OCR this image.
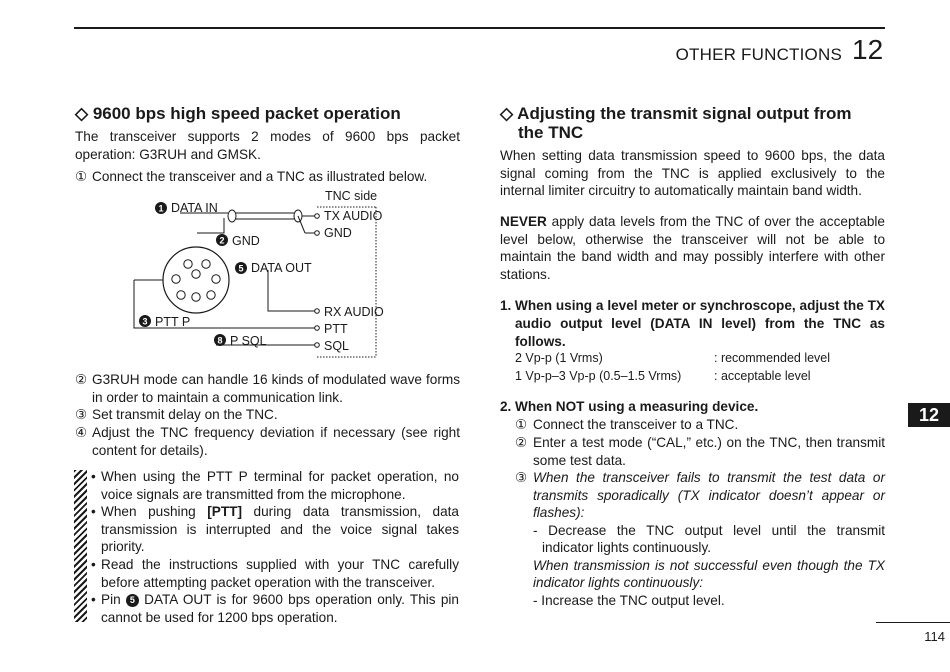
OTHER FUNCTIONS 12
12
114
◇ 9600 bps high speed packet operation
The transceiver supports 2 modes of 9600 bps packet operation: G3RUH and GMSK.
① Connect the transceiver and a TNC as illustrated below.
TNC side
1 DATA IN
2 GND
5 DATA OUT
3 PTT P
8 P SQL
TX AUDIO
GND
RX AUDIO
PTT
SQL
② G3RUH mode can handle 16 kinds of modulated wave forms in order to maintain a communication link.
③ Set transmit delay on the TNC.
④ Adjust the TNC frequency deviation if necessary (see right content for details).
• When using the PTT P terminal for packet operation, no voice signals are transmitted from the microphone.
• When pushing [PTT] during data transmission, data transmission is interrupted and the voice signal takes priority.
• Read the instructions supplied with your TNC carefully before attempting packet operation with the transceiver.
• Pin 5 DATA OUT is for 9600 bps operation only. This pin cannot be used for 1200 bps operation.
◇ Adjusting the transmit signal output from
the TNC
When setting data transmission speed to 9600 bps, the data signal coming from the TNC is applied exclusively to the internal limiter circuitry to automatically maintain band width.
NEVER apply data levels from the TNC of over the acceptable level below, otherwise the transceiver will not be able to maintain the band width and may possibly interfere with other stations.
1. When using a level meter or synchroscope, adjust the TX audio output level (DATA IN level) from the TNC as follows.
2 Vp-p (1 Vrms)	: recommended level
1 Vp-p–3 Vp-p (0.5–1.5 Vrms)	: acceptable level
2. When NOT using a measuring device.
① Connect the transceiver to a TNC.
② Enter a test mode (“CAL,” etc.) on the TNC, then transmit some test data.
③ When the transceiver fails to transmit the test data or transmits sporadically (TX indicator doesn’t appear or flashes):
- Decrease the TNC output level until the transmit indicator lights continuously.
When transmission is not successful even though the TX indicator lights continuously:
- Increase the TNC output level.
